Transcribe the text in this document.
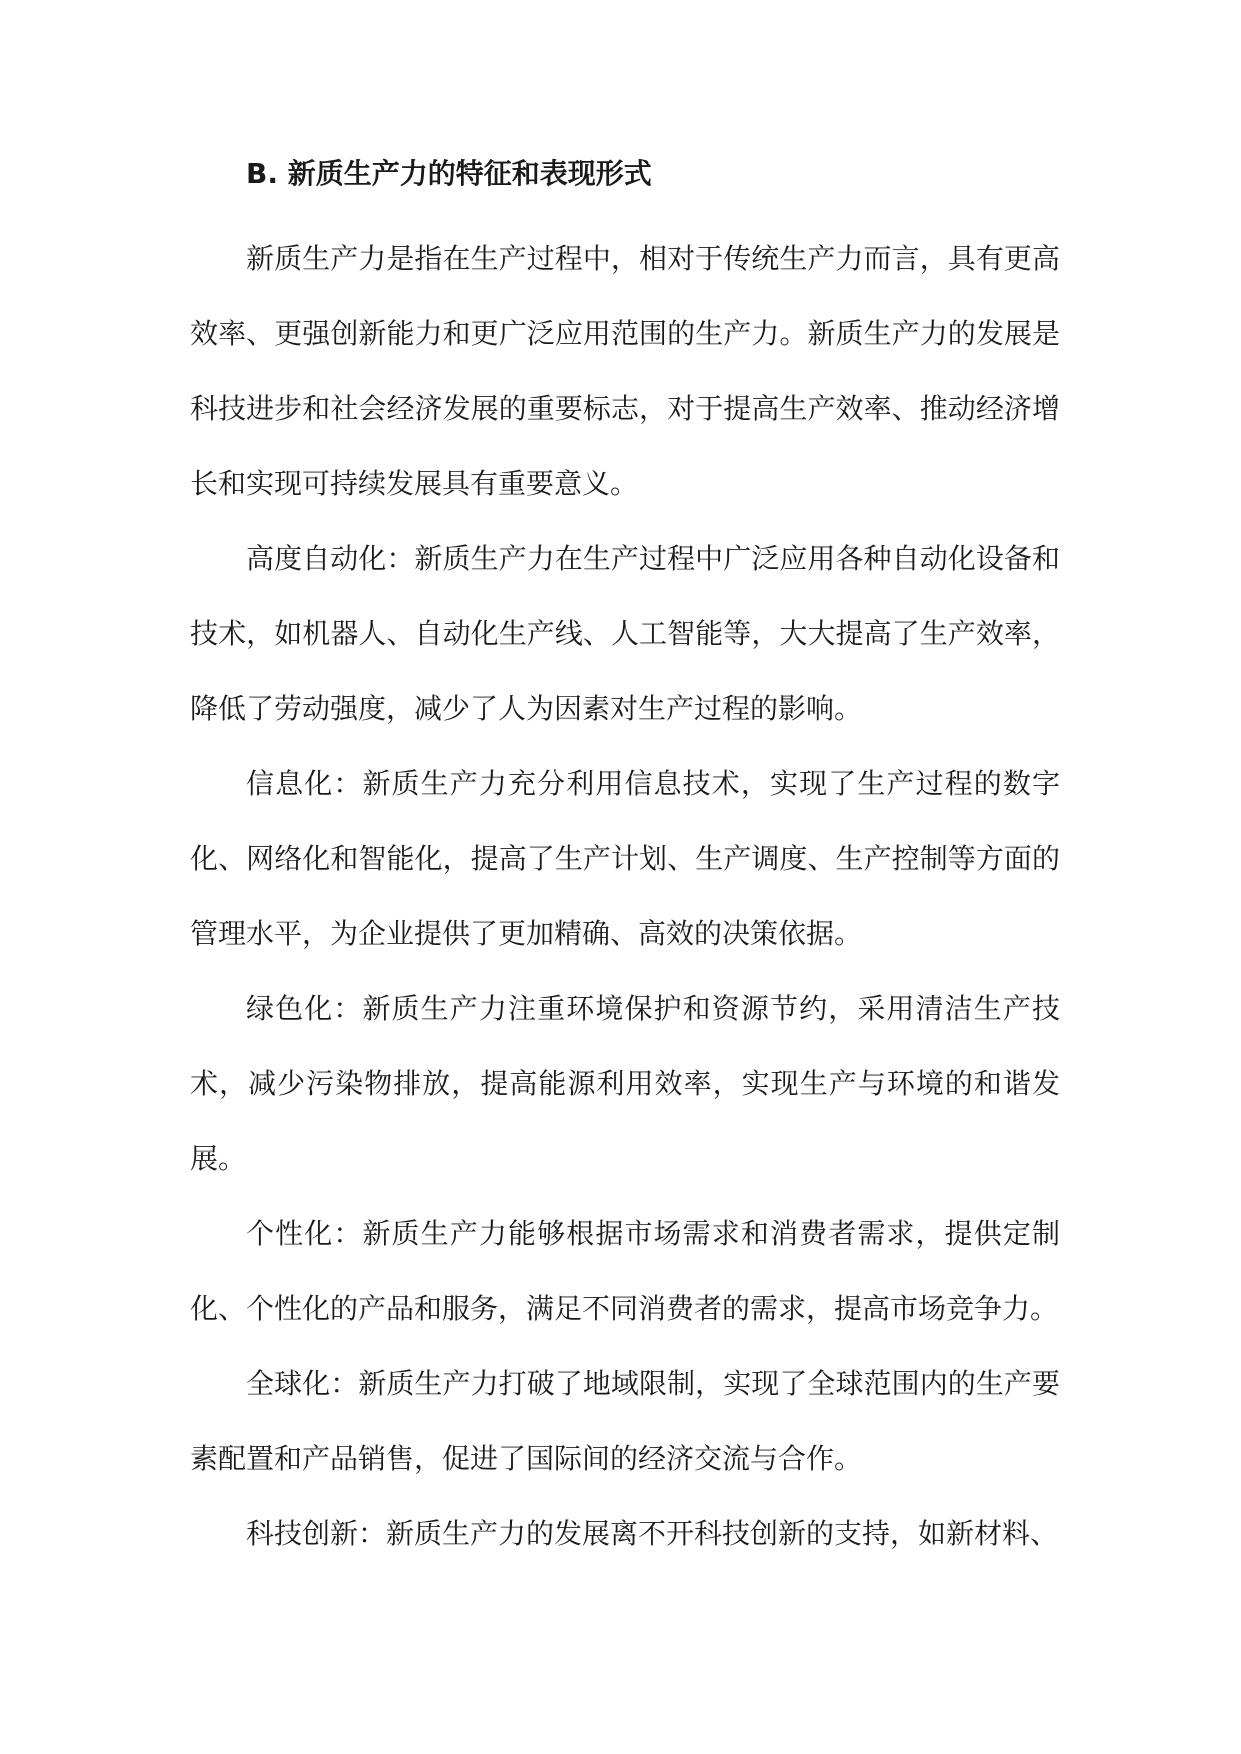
B. 新质生产力的特征和表现形式

新质生产力是指在生产过程中，相对于传统生产力而言，具有更高效率、更强创新能力和更广泛应用范围的生产力。新质生产力的发展是科技进步和社会经济发展的重要标志，对于提高生产效率、推动经济增长和实现可持续发展具有重要意义。

高度自动化：新质生产力在生产过程中广泛应用各种自动化设备和技术，如机器人、自动化生产线、人工智能等，大大提高了生产效率，降低了劳动强度，减少了人为因素对生产过程的影响。

信息化：新质生产力充分利用信息技术，实现了生产过程的数字化、网络化和智能化，提高了生产计划、生产调度、生产控制等方面的管理水平，为企业提供了更加精确、高效的决策依据。

绿色化：新质生产力注重环境保护和资源节约，采用清洁生产技术，减少污染物排放，提高能源利用效率，实现生产与环境的和谐发展。

个性化：新质生产力能够根据市场需求和消费者需求，提供定制化、个性化的产品和服务，满足不同消费者的需求，提高市场竞争力。

全球化：新质生产力打破了地域限制，实现了全球范围内的生产要素配置和产品销售，促进了国际间的经济交流与合作。

科技创新：新质生产力的发展离不开科技创新的支持，如新材料、
